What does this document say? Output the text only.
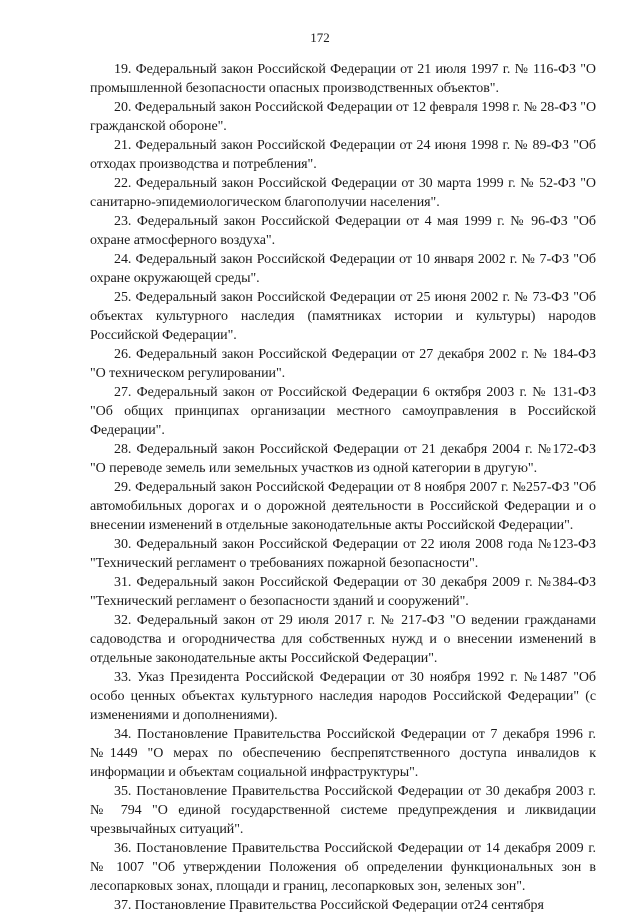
172

19. Федеральный закон Российской Федерации от 21 июля 1997 г. № 116-ФЗ "О промышленной безопасности опасных производственных объектов".

20. Федеральный закон Российской Федерации от 12 февраля 1998 г. № 28-ФЗ "О гражданской обороне".

21. Федеральный закон Российской Федерации от 24 июня 1998 г. № 89-ФЗ "Об отходах производства и потребления".

22. Федеральный закон Российской Федерации от 30 марта 1999 г. № 52-ФЗ "О санитарно-эпидемиологическом благополучии населения".

23. Федеральный закон Российской Федерации от 4 мая 1999 г. № 96-ФЗ "Об охране атмосферного воздуха".

24. Федеральный закон Российской Федерации от 10 января 2002 г. № 7-ФЗ "Об охране окружающей среды".

25. Федеральный закон Российской Федерации от 25 июня 2002 г. № 73-ФЗ "Об объектах культурного наследия (памятниках истории и культуры) народов Российской Федерации".

26. Федеральный закон Российской Федерации от 27 декабря 2002 г. № 184-ФЗ "О техническом регулировании".

27. Федеральный закон от Российской Федерации 6 октября 2003 г. № 131-ФЗ "Об общих принципах организации местного самоуправления в Российской Федерации".

28. Федеральный закон Российской Федерации от 21 декабря 2004 г. №172-ФЗ "О переводе земель или земельных участков из одной категории в другую".

29. Федеральный закон Российской Федерации от 8 ноября 2007 г. №257-ФЗ "Об автомобильных дорогах и о дорожной деятельности в Российской Федерации и о внесении изменений в отдельные законодательные акты Российской Федерации".

30. Федеральный закон Российской Федерации от 22 июля 2008 года №123-ФЗ "Технический регламент о требованиях пожарной безопасности".

31. Федеральный закон Российской Федерации от 30 декабря 2009 г. №384-ФЗ "Технический регламент о безопасности зданий и сооружений".

32. Федеральный закон от 29 июля 2017 г. № 217-ФЗ "О ведении гражданами садоводства и огородничества для собственных нужд и о внесении изменений в отдельные законодательные акты Российской Федерации".

33. Указ Президента Российской Федерации от 30 ноября 1992 г. №1487 "Об особо ценных объектах культурного наследия народов Российской Федерации" (с изменениями и дополнениями).

34. Постановление Правительства Российской Федерации от 7 декабря 1996 г. №1449 "О мерах по обеспечению беспрепятственного доступа инвалидов к информации и объектам социальной инфраструктуры".

35. Постановление Правительства Российской Федерации от 30 декабря 2003 г. № 794 "О единой государственной системе предупреждения и ликвидации чрезвычайных ситуаций".

36. Постановление Правительства Российской Федерации от 14 декабря 2009 г. № 1007 "Об утверждении Положения об определении функциональных зон в лесопарковых зонах, площади и границ, лесопарковых зон, зеленых зон".

37. Постановление Правительства Российской Федерации от24 сентября
